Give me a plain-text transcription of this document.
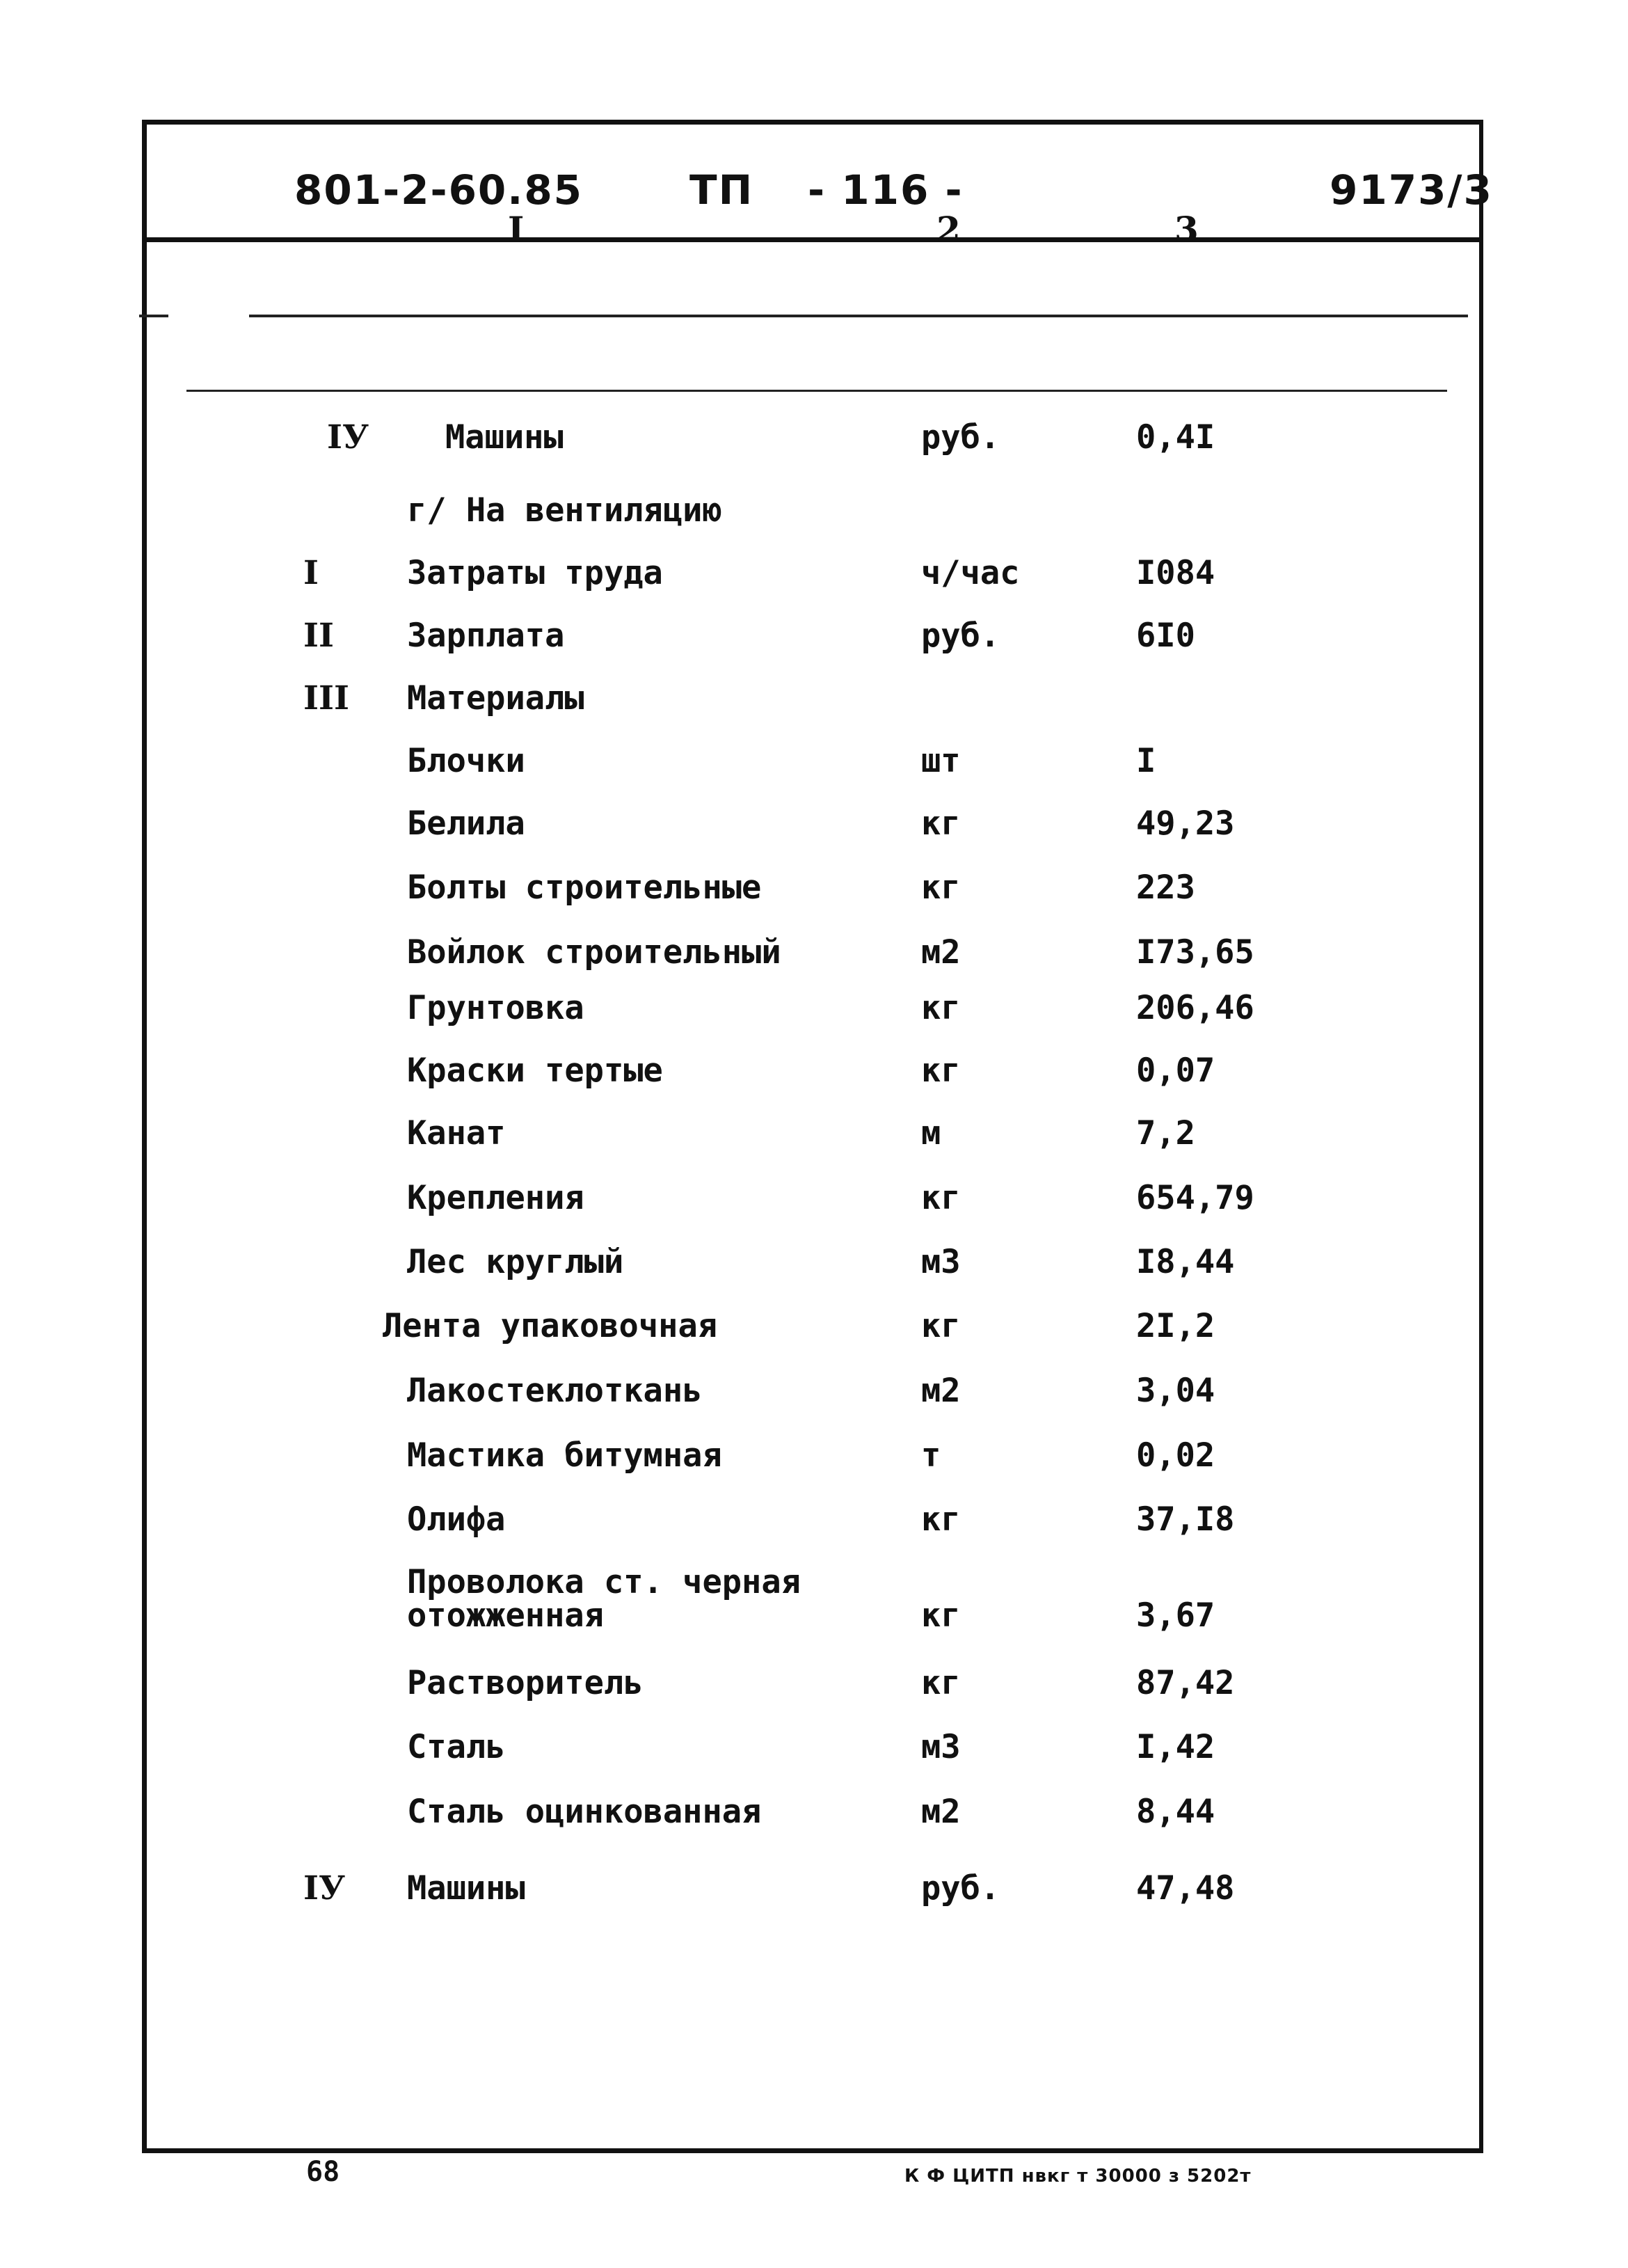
801-2-60.85	ТП - 116 -	9173/3
I	2	3
IУ Машины	руб.	0,4I
г/ На вентиляцию
I	Затраты труда	ч/час	I084
II Зарплата	руб.	6I0
III Материалы
Блочки	шт	I
Белила	кг	49,23
Болты строительные	кг	223
Войлок строительный	м2	I73,65
Грунтовка	кг	206,46
Краски тертые	кг	0,07
Канат	м	7,2
Крепления	кг	654,79
Лес круглый	м3	I8,44
Лента упаковочная	кг	2I,2
Лакостеклоткань	м2	3,04
Мастика битумная	т	0,02
Олифа	кг	37,I8
Проволока ст. черная
отожженная	кг	3,67
Растворитель	кг	87,42
Сталь	м3	I,42
Сталь оцинкованная	м2	8,44
IУ Машины	руб.	47,48
68	К Ф ЦИТП нвкг т 30000 з 5202т
